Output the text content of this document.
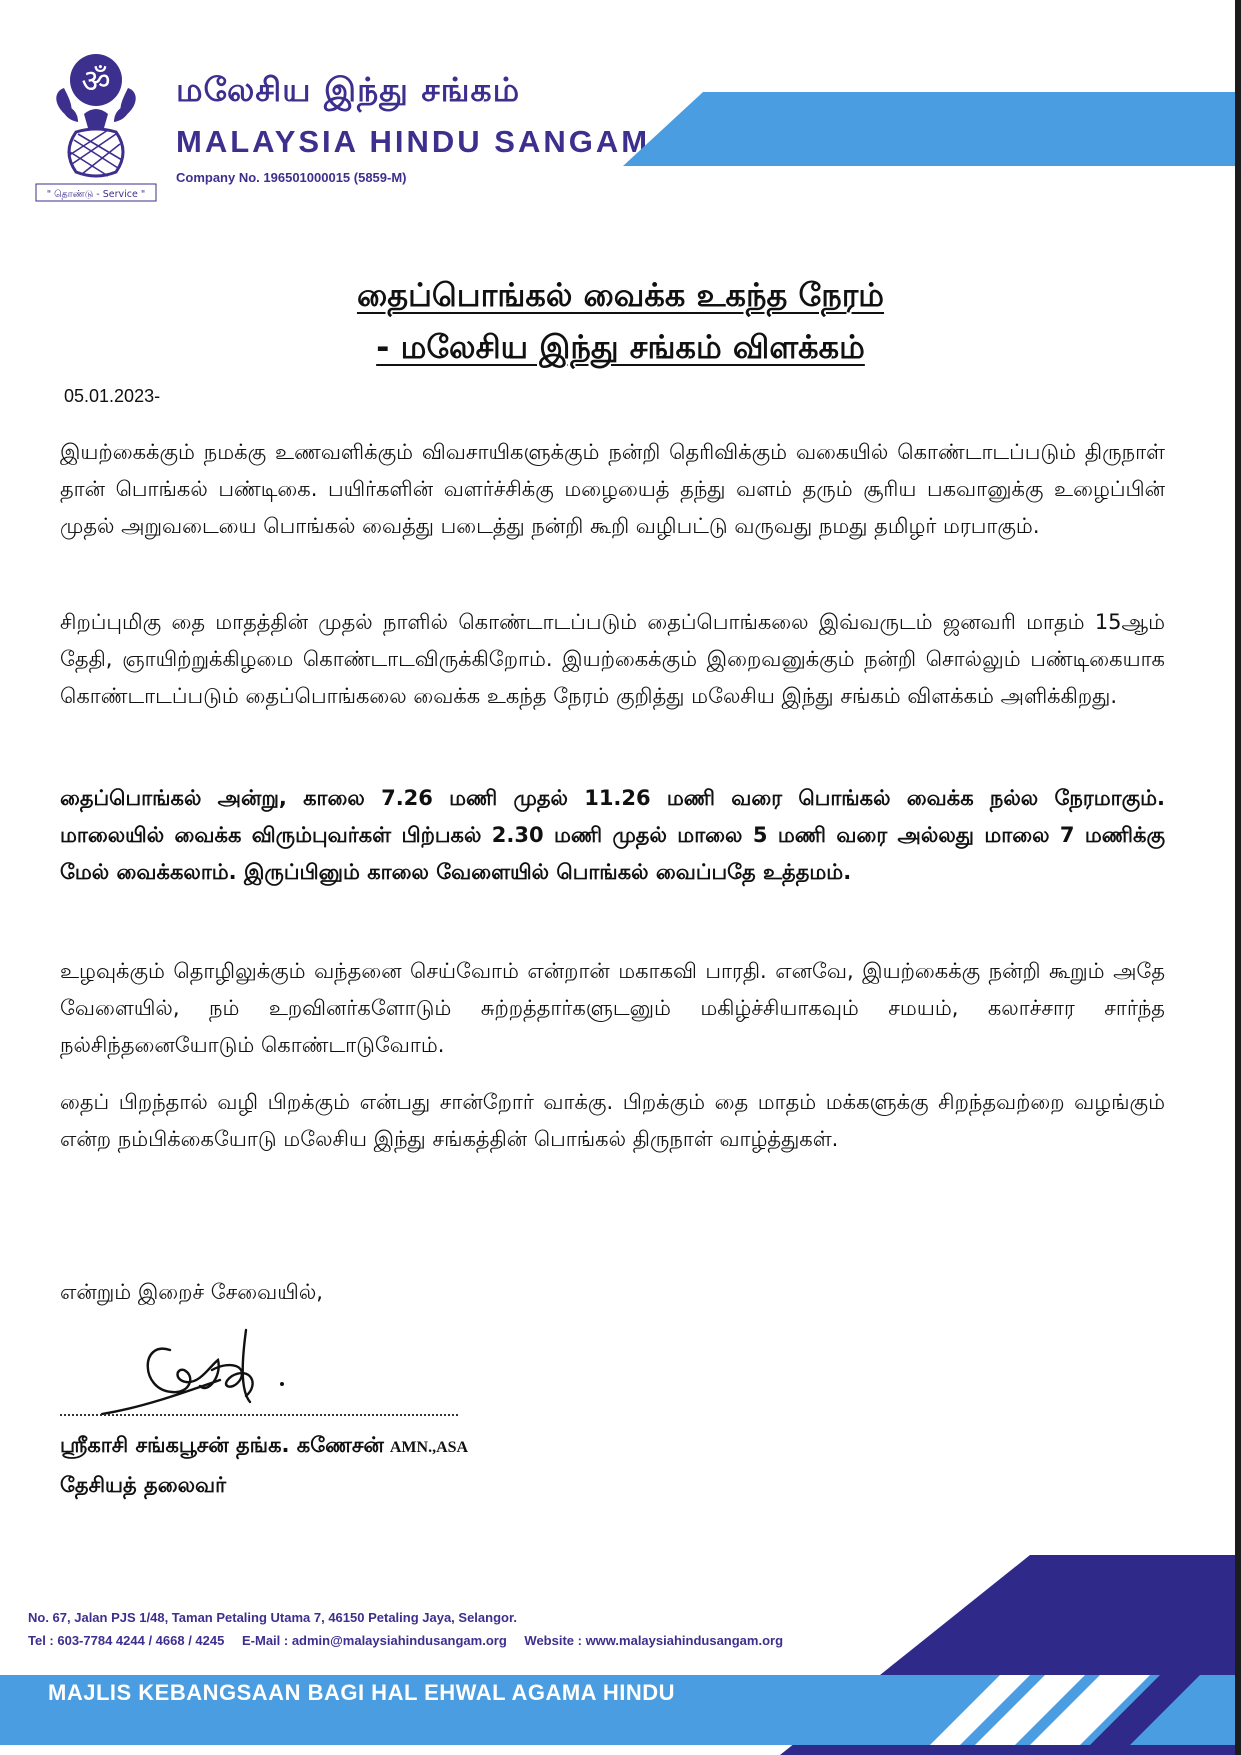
ॐ
" தொண்டு - Service "
மலேசிய இந்து சங்கம்
MALAYSIA HINDU SANGAM
Company No. 196501000015 (5859-M)
தைப்பொங்கல் வைக்க உகந்த நேரம்
- மலேசிய இந்து சங்கம் விளக்கம்
05.01.2023-
இயற்கைக்கும் நமக்கு உணவளிக்கும் விவசாயிகளுக்கும் நன்றி தெரிவிக்கும் வகையில் கொண்டாடப்படும் திருநாள் தான் பொங்கல் பண்டிகை. பயிர்களின் வளர்ச்சிக்கு மழையைத் தந்து வளம் தரும் சூரிய பகவானுக்கு உழைப்பின் முதல் அறுவடையை பொங்கல் வைத்து படைத்து நன்றி கூறி வழிபட்டு வருவது நமது தமிழர் மரபாகும்.
சிறப்புமிகு தை மாதத்தின் முதல் நாளில் கொண்டாடப்படும் தைப்பொங்கலை இவ்வருடம் ஜனவரி மாதம் 15ஆம் தேதி, ஞாயிற்றுக்கிழமை கொண்டாடவிருக்கிறோம். இயற்கைக்கும் இறைவனுக்கும் நன்றி சொல்லும் பண்டிகையாக கொண்டாடப்படும் தைப்பொங்கலை வைக்க உகந்த நேரம் குறித்து மலேசிய இந்து சங்கம் விளக்கம் அளிக்கிறது.
தைப்பொங்கல் அன்று, காலை 7.26 மணி முதல் 11.26 மணி வரை பொங்கல் வைக்க நல்ல நேரமாகும். மாலையில் வைக்க விரும்புவர்கள் பிற்பகல் 2.30 மணி முதல் மாலை 5 மணி வரை அல்லது மாலை 7 மணிக்கு மேல் வைக்கலாம். இருப்பினும் காலை வேளையில் பொங்கல் வைப்பதே உத்தமம்.
உழவுக்கும் தொழிலுக்கும் வந்தனை செய்வோம் என்றான் மகாகவி பாரதி. எனவே, இயற்கைக்கு நன்றி கூறும் அதே வேளையில், நம் உறவினர்களோடும் சுற்றத்தார்களுடனும் மகிழ்ச்சியாகவும் சமயம், கலாச்சார சார்ந்த நல்சிந்தனையோடும் கொண்டாடுவோம்.
தைப் பிறந்தால் வழி பிறக்கும் என்பது சான்றோர் வாக்கு. பிறக்கும் தை மாதம் மக்களுக்கு சிறந்தவற்றை வழங்கும் என்ற நம்பிக்கையோடு மலேசிய இந்து சங்கத்தின் பொங்கல் திருநாள் வாழ்த்துகள்.
என்றும் இறைச் சேவையில்,
ஸ்ரீகாசி சங்கபூசன் தங்க. கணேசன் AMN.,ASA
தேசியத் தலைவர்
No. 67, Jalan PJS 1/48, Taman Petaling Utama 7, 46150 Petaling Jaya, Selangor.
Tel : 603-7784 4244 / 4668 / 4245 E-Mail : admin@malaysiahindusangam.org Website : www.malaysiahindusangam.org
MAJLIS KEBANGSAAN BAGI HAL EHWAL AGAMA HINDU
